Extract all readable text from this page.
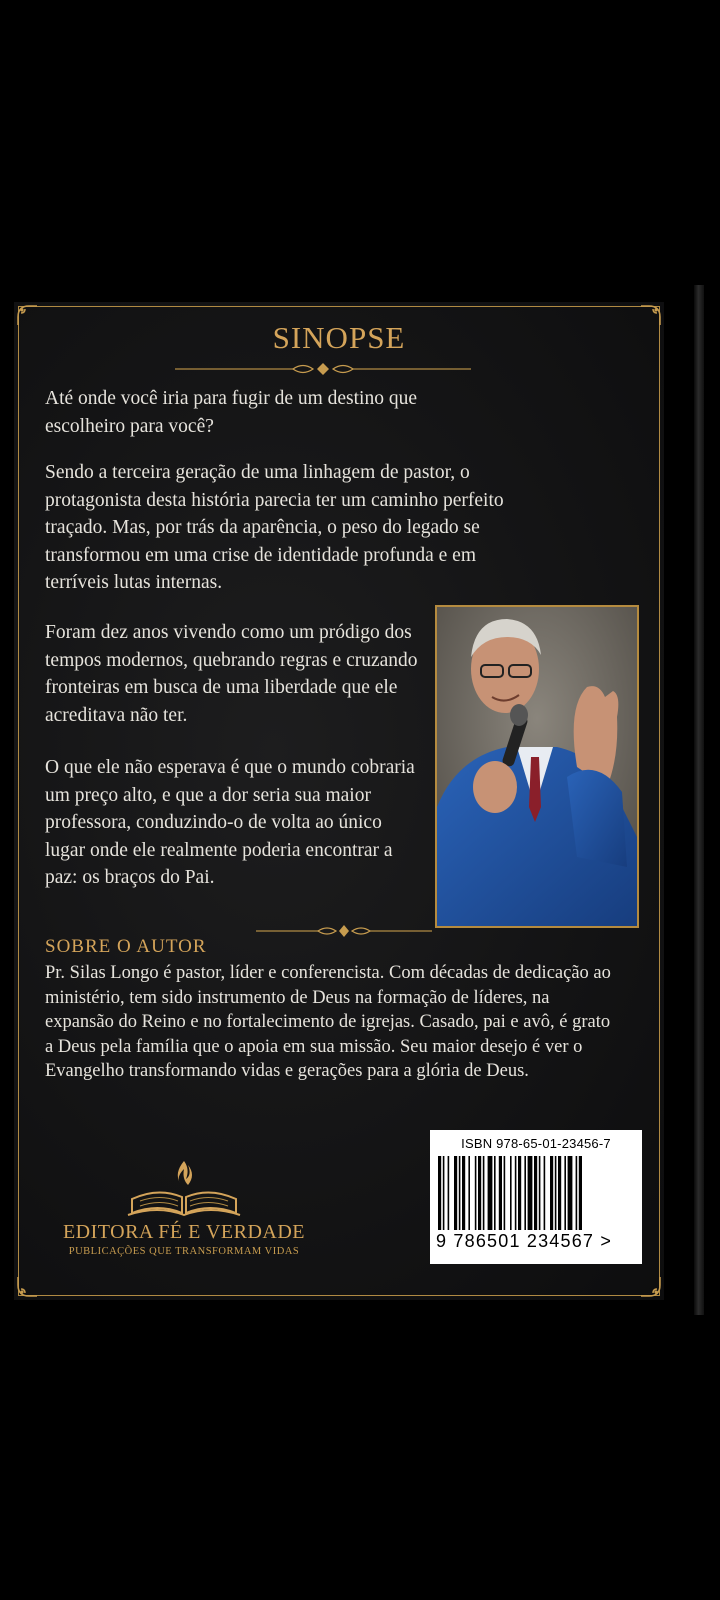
SINOPSE

Até onde você iria para fugir de um destino que escolheiro para você?

Sendo a terceira geração de uma linhagem de pastor, o protagonista desta história parecia ter um caminho perfeito traçado. Mas, por trás da aparência, o peso do legado se transformou em uma crise de identidade profunda e em terríveis lutas internas.

Foram dez anos vivendo como um pródigo dos tempos modernos, quebrando regras e cruzando fronteiras em busca de uma liberdade que ele acreditava não ter.

O que ele não esperava é que o mundo cobraria um preço alto, e que a dor seria sua maior professora, conduzindo-o de volta ao único lugar onde ele realmente poderia encontrar a paz: os braços do Pai.

SOBRE O AUTOR

Pr. Silas Longo é pastor, líder e conferencista. Com décadas de dedicação ao ministério, tem sido instrumento de Deus na formação de líderes, na expansão do Reino e no fortalecimento de igrejas. Casado, pai e avô, é grato a Deus pela família que o apoia em sua missão. Seu maior desejo é ver o Evangelho transformando vidas e gerações para a glória de Deus.

EDITORA FÉ E VERDADE
PUBLICAÇÕES QUE TRANSFORMAM VIDAS
ISBN 978-65-01-23456-7
9 786501 234567 >
